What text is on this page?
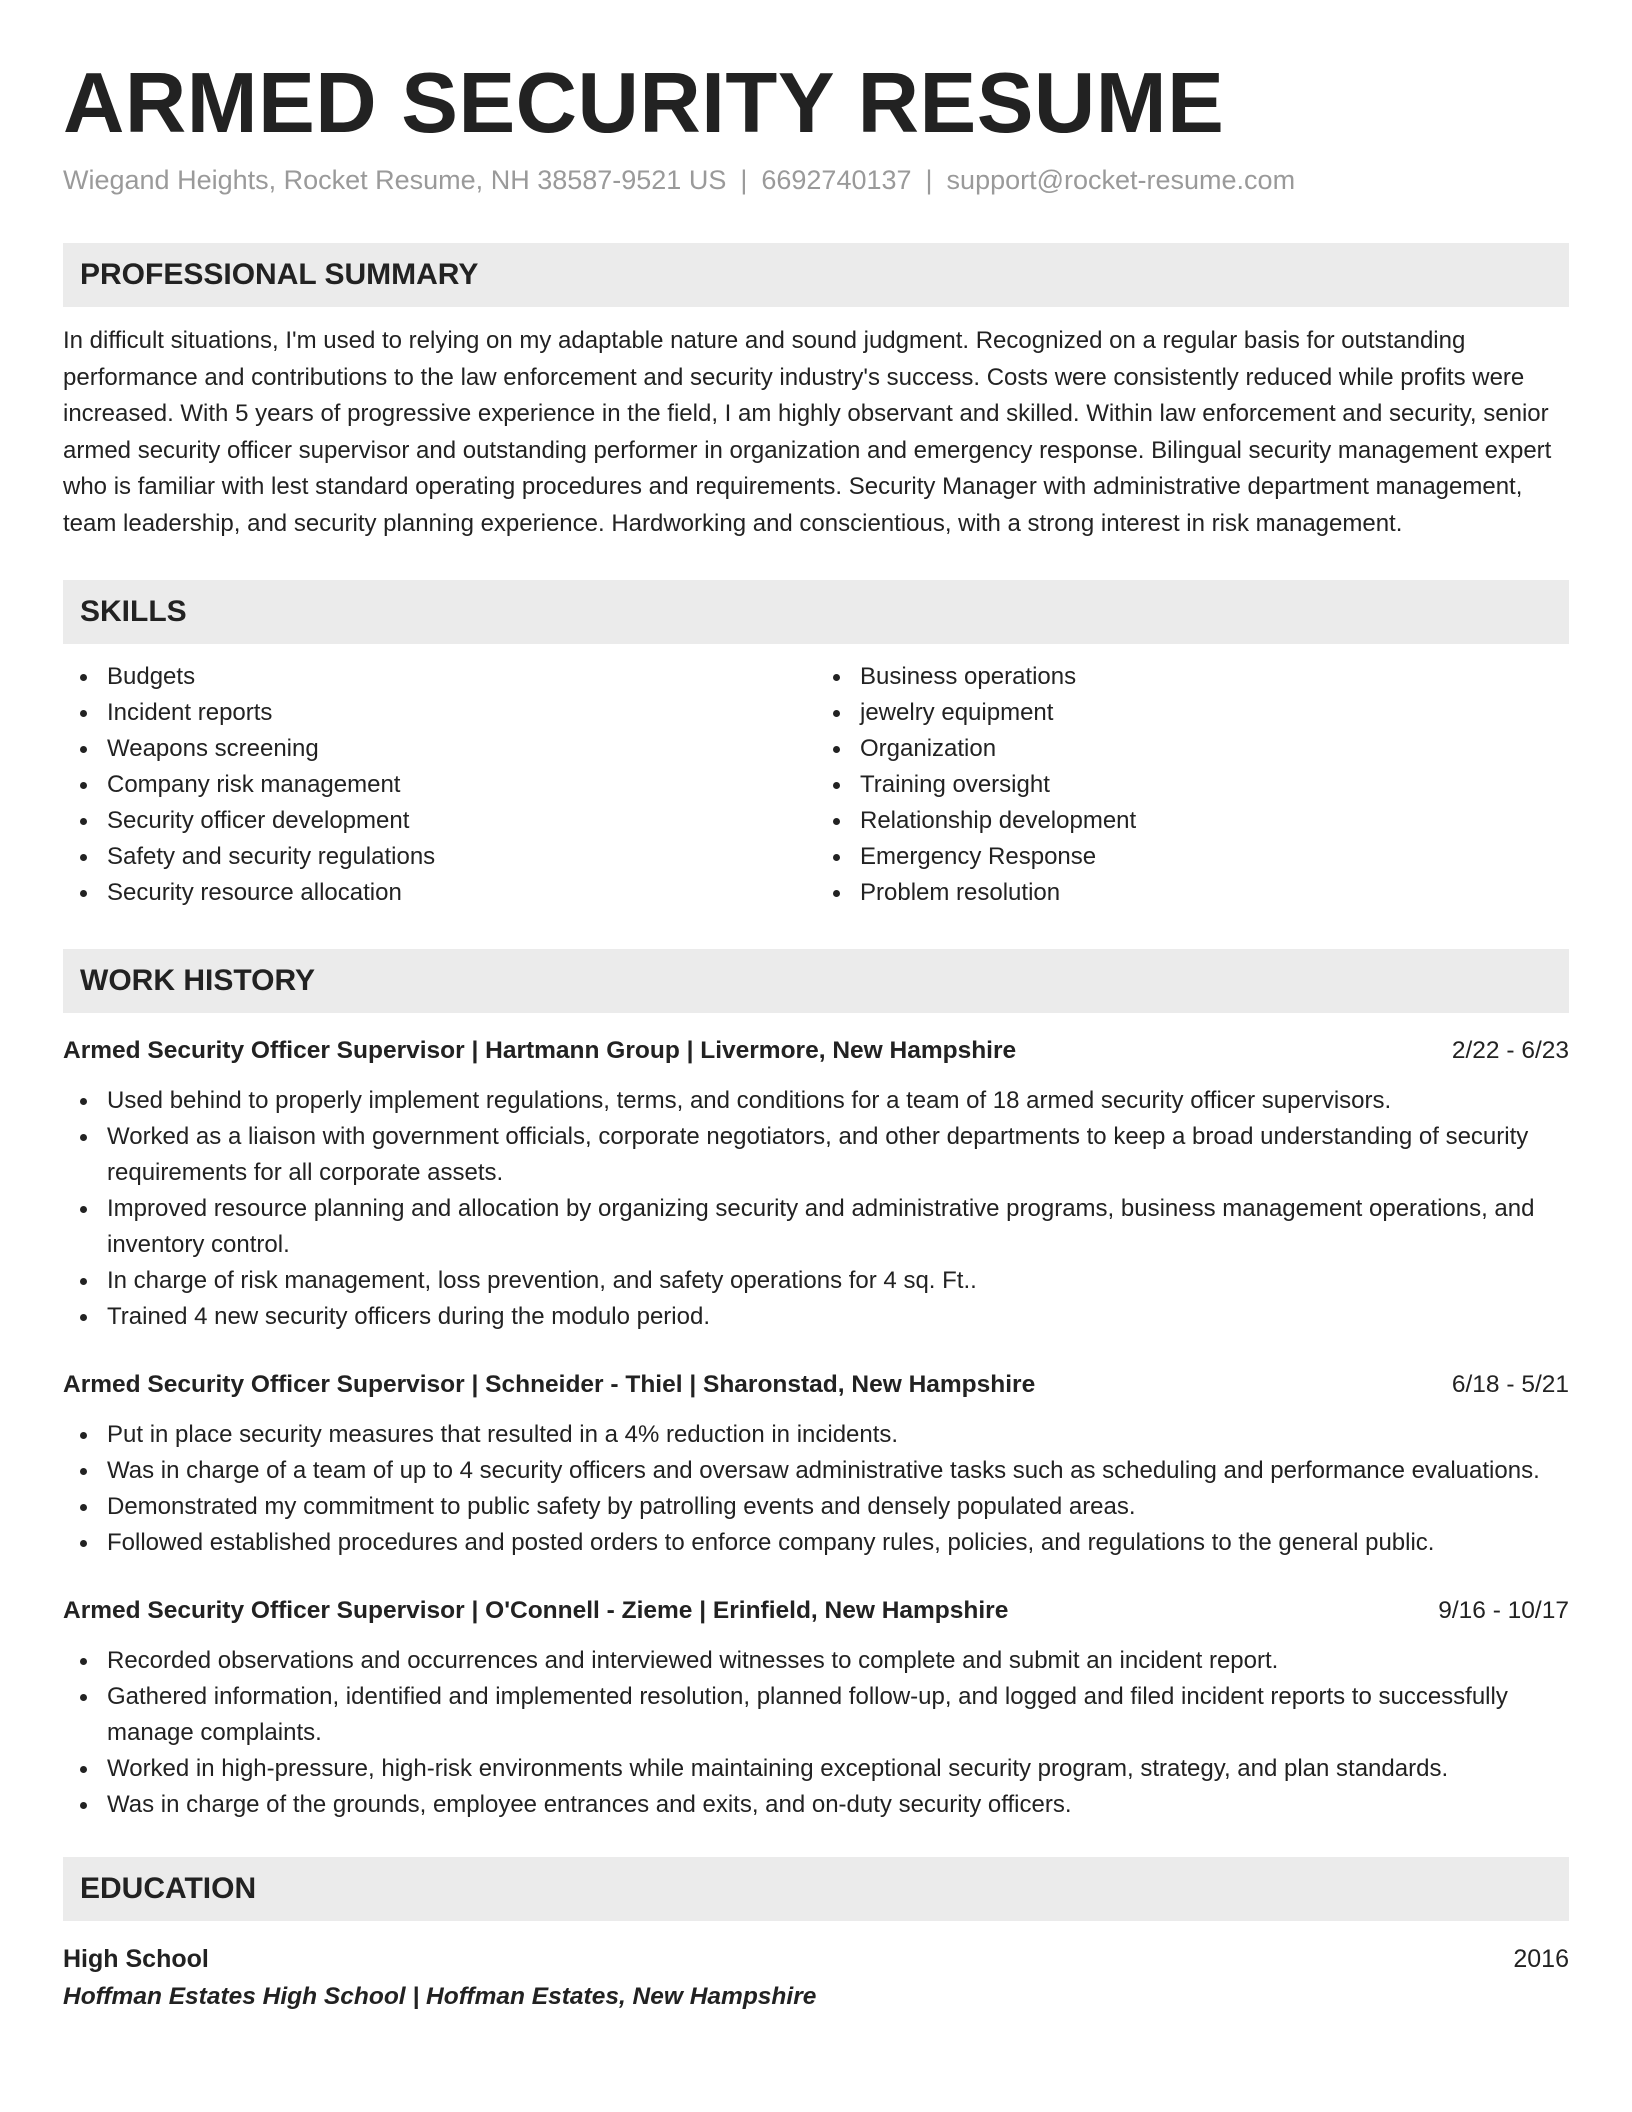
ARMED SECURITY RESUME
Wiegand Heights, Rocket Resume, NH 38587-9521 US | 6692740137 | support@rocket-resume.com
PROFESSIONAL SUMMARY
In difficult situations, I'm used to relying on my adaptable nature and sound judgment. Recognized on a regular basis for outstanding performance and contributions to the law enforcement and security industry's success. Costs were consistently reduced while profits were increased. With 5 years of progressive experience in the field, I am highly observant and skilled. Within law enforcement and security, senior armed security officer supervisor and outstanding performer in organization and emergency response. Bilingual security management expert who is familiar with lest standard operating procedures and requirements. Security Manager with administrative department management, team leadership, and security planning experience. Hardworking and conscientious, with a strong interest in risk management.
SKILLS
Budgets
Incident reports
Weapons screening
Company risk management
Security officer development
Safety and security regulations
Security resource allocation
Business operations
jewelry equipment
Organization
Training oversight
Relationship development
Emergency Response
Problem resolution
WORK HISTORY
Armed Security Officer Supervisor | Hartmann Group | Livermore, New Hampshire	2/22 - 6/23
Used behind to properly implement regulations, terms, and conditions for a team of 18 armed security officer supervisors.
Worked as a liaison with government officials, corporate negotiators, and other departments to keep a broad understanding of security requirements for all corporate assets.
Improved resource planning and allocation by organizing security and administrative programs, business management operations, and inventory control.
In charge of risk management, loss prevention, and safety operations for 4 sq. Ft..
Trained 4 new security officers during the modulo period.
Armed Security Officer Supervisor | Schneider - Thiel | Sharonstad, New Hampshire	6/18 - 5/21
Put in place security measures that resulted in a 4% reduction in incidents.
Was in charge of a team of up to 4 security officers and oversaw administrative tasks such as scheduling and performance evaluations.
Demonstrated my commitment to public safety by patrolling events and densely populated areas.
Followed established procedures and posted orders to enforce company rules, policies, and regulations to the general public.
Armed Security Officer Supervisor | O'Connell - Zieme | Erinfield, New Hampshire	9/16 - 10/17
Recorded observations and occurrences and interviewed witnesses to complete and submit an incident report.
Gathered information, identified and implemented resolution, planned follow-up, and logged and filed incident reports to successfully manage complaints.
Worked in high-pressure, high-risk environments while maintaining exceptional security program, strategy, and plan standards.
Was in charge of the grounds, employee entrances and exits, and on-duty security officers.
EDUCATION
High School	2016
Hoffman Estates High School | Hoffman Estates, New Hampshire
